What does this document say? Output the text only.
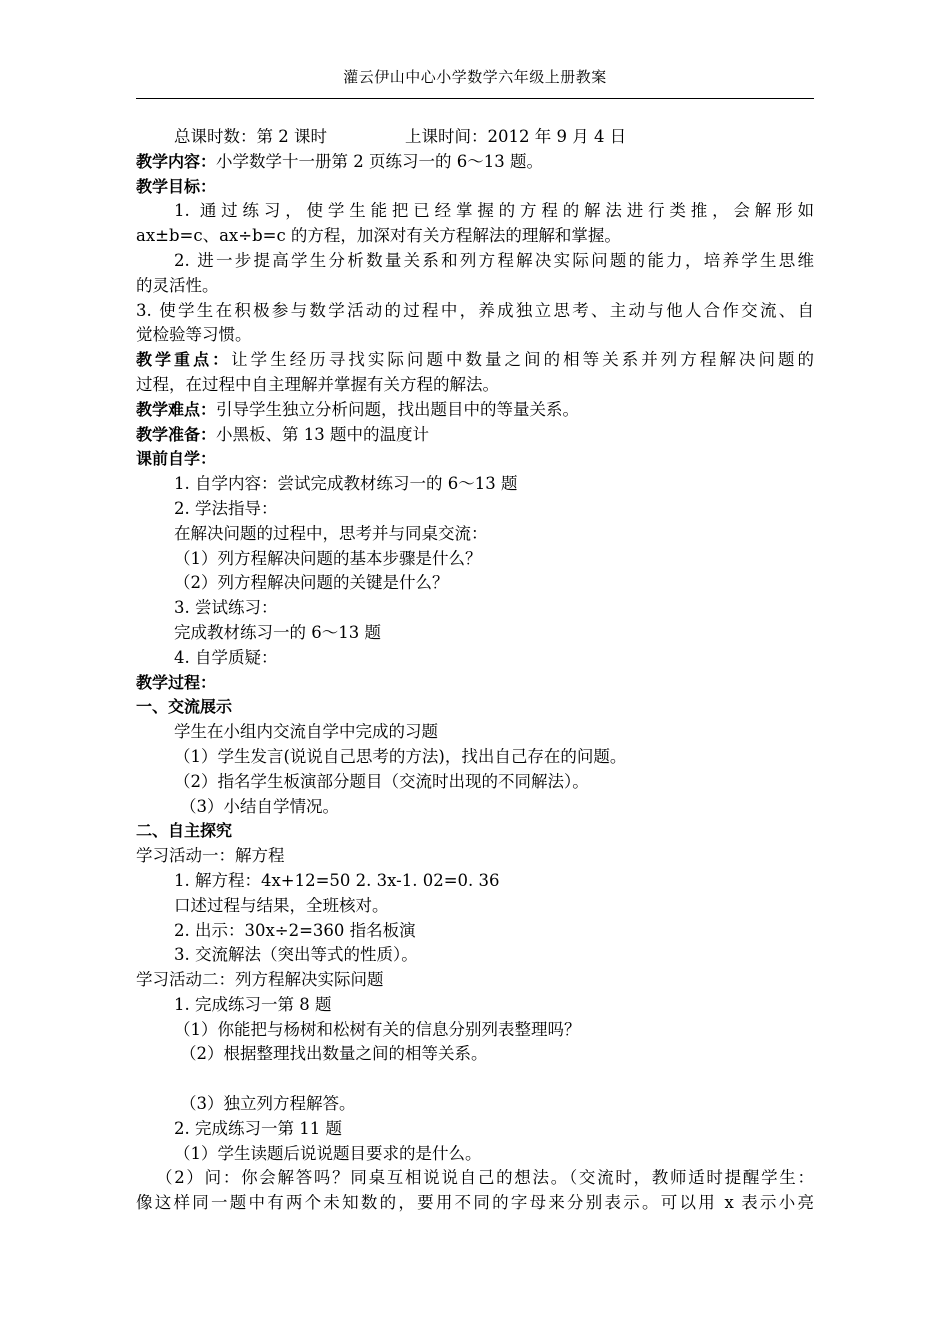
灌云伊山中心小学数学六年级上册教案
总课时数：第 2 课时	上课时间：2012 年 9 月 4 日
教学内容：小学数学十一册第 2 页练习一的 6～13 题。
教学目标：
1. 通过练习，使学生能把已经掌握的方程的解法进行类推，会解形如
ax±b=c、ax÷b=c 的方程，加深对有关方程解法的理解和掌握。
2. 进一步提高学生分析数量关系和列方程解决实际问题的能力，培养学生思维
的灵活性。
3. 使学生在积极参与数学活动的过程中，养成独立思考、主动与他人合作交流、自
觉检验等习惯。
教学重点：让学生经历寻找实际问题中数量之间的相等关系并列方程解决问题的
过程，在过程中自主理解并掌握有关方程的解法。
教学难点：引导学生独立分析问题，找出题目中的等量关系。
教学准备：小黑板、第 13 题中的温度计
课前自学：
1. 自学内容：尝试完成教材练习一的 6～13 题
2. 学法指导：
在解决问题的过程中，思考并与同桌交流：
（1）列方程解决问题的基本步骤是什么？
（2）列方程解决问题的关键是什么？
3. 尝试练习：
完成教材练习一的 6～13 题
4. 自学质疑：
教学过程：
一、交流展示
学生在小组内交流自学中完成的习题
（1）学生发言(说说自己思考的方法)，找出自己存在的问题。
（2）指名学生板演部分题目（交流时出现的不同解法）。
（3）小结自学情况。
二、自主探究
学习活动一：解方程
1. 解方程：4x+12=50 2. 3x-1. 02=0. 36
口述过程与结果，全班核对。
2. 出示：30x÷2=360 指名板演
3. 交流解法（突出等式的性质）。
学习活动二：列方程解决实际问题
1. 完成练习一第 8 题
（1）你能把与杨树和松树有关的信息分别列表整理吗？
（2）根据整理找出数量之间的相等关系。
（3）独立列方程解答。
2. 完成练习一第 11 题
（1）学生读题后说说题目要求的是什么。
（2）问：你会解答吗？同桌互相说说自己的想法。（交流时，教师适时提醒学生：
像这样同一题中有两个未知数的，要用不同的字母来分别表示。可以用 x 表示小亮
